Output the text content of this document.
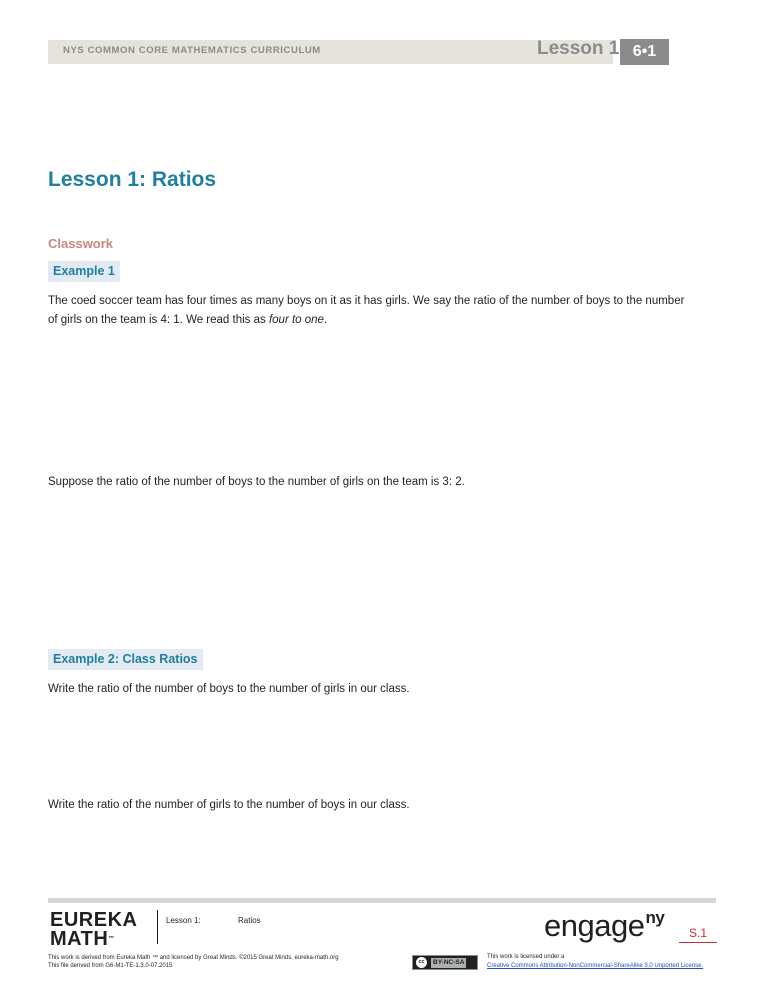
NYS COMMON CORE MATHEMATICS CURRICULUM	Lesson 1 6•1
Lesson 1: Ratios
Classwork
Example 1
The coed soccer team has four times as many boys on it as it has girls. We say the ratio of the number of boys to the number of girls on the team is 4: 1. We read this as four to one.
Suppose the ratio of the number of boys to the number of girls on the team is 3: 2.
Example 2: Class Ratios
Write the ratio of the number of boys to the number of girls in our class.
Write the ratio of the number of girls to the number of boys in our class.
EUREKA
MATH™
Lesson 1:	Ratios
This work is derived from Eureka Math ™ and licensed by Great Minds. ©2015 Great Minds. eureka-math.org
This file derived from G6-M1-TE-1.3.0-07.2015
engage$^{ny}$
S.1
cc	BY-NC-SA
This work is licensed under a
Creative Commons Attribution-NonCommercial-ShareAlike 3.0 Unported License.
